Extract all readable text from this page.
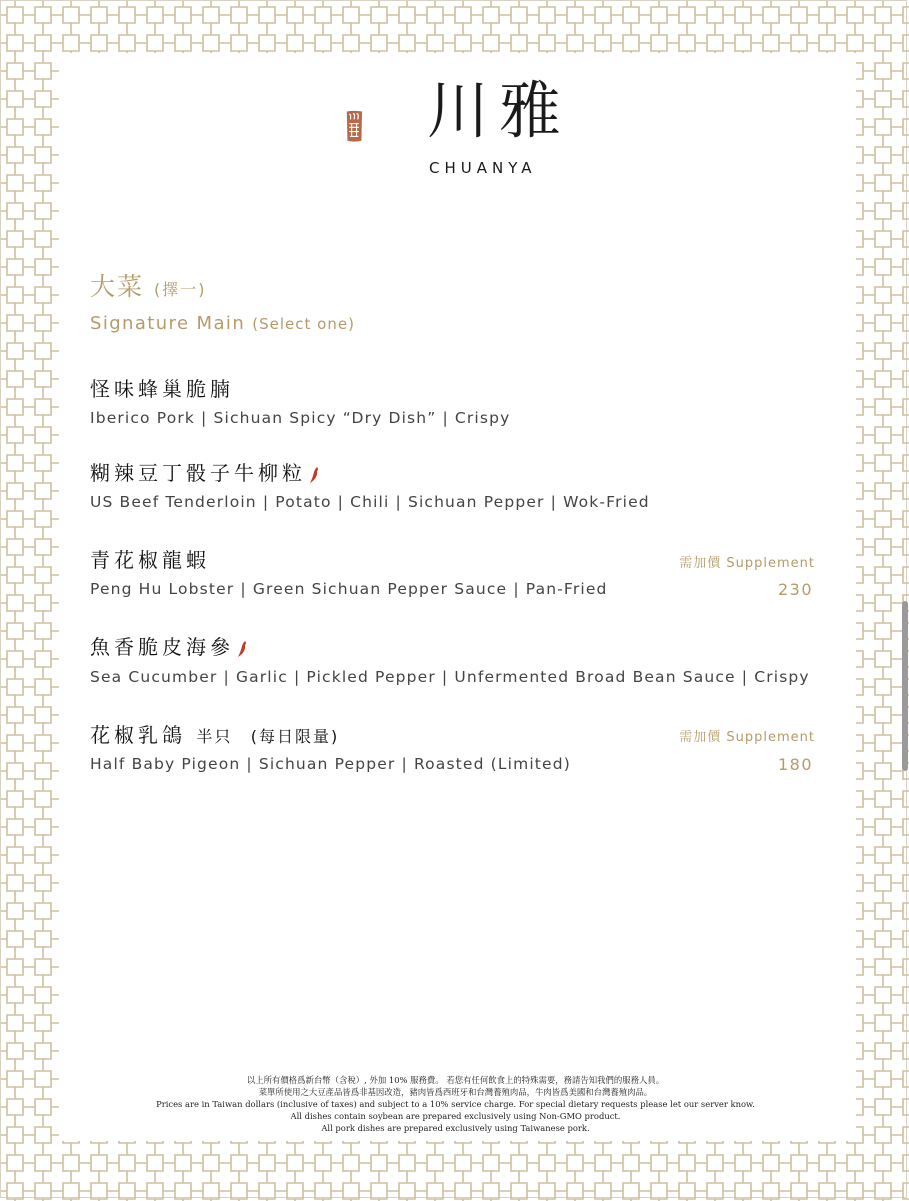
川雅
CHUANYA
大菜 (擇一)
Signature Main (Select one)
怪味蜂巢脆腩
Iberico Pork | Sichuan Spicy “Dry Dish” | Crispy
糊辣豆丁骰子牛柳粒
US Beef Tenderloin | Potato | Chili | Sichuan Pepper | Wok-Fried
青花椒龍蝦	需加價 Supplement
Peng Hu Lobster | Green Sichuan Pepper Sauce | Pan-Fried	230
魚香脆皮海參
Sea Cucumber | Garlic | Pickled Pepper | Unfermented Broad Bean Sauce | Crispy
花椒乳鴿 半只 (每日限量)	需加價 Supplement
Half Baby Pigeon | Sichuan Pepper | Roasted (Limited)	180
以上所有價格爲新台幣（含稅）, 外加 10% 服務費。 若您有任何飲食上的特殊需要，務請告知我們的服務人員。
菜單所使用之大豆產品皆爲非基因改造，豬肉皆爲西班牙和台灣養殖肉品，牛肉皆爲美國和台灣養殖肉品。
Prices are in Taiwan dollars (inclusive of taxes) and subject to a 10% service charge. For special dietary requests please let our server know.
All dishes contain soybean are prepared exclusively using Non-GMO product.
All pork dishes are prepared exclusively using Taiwanese pork.
